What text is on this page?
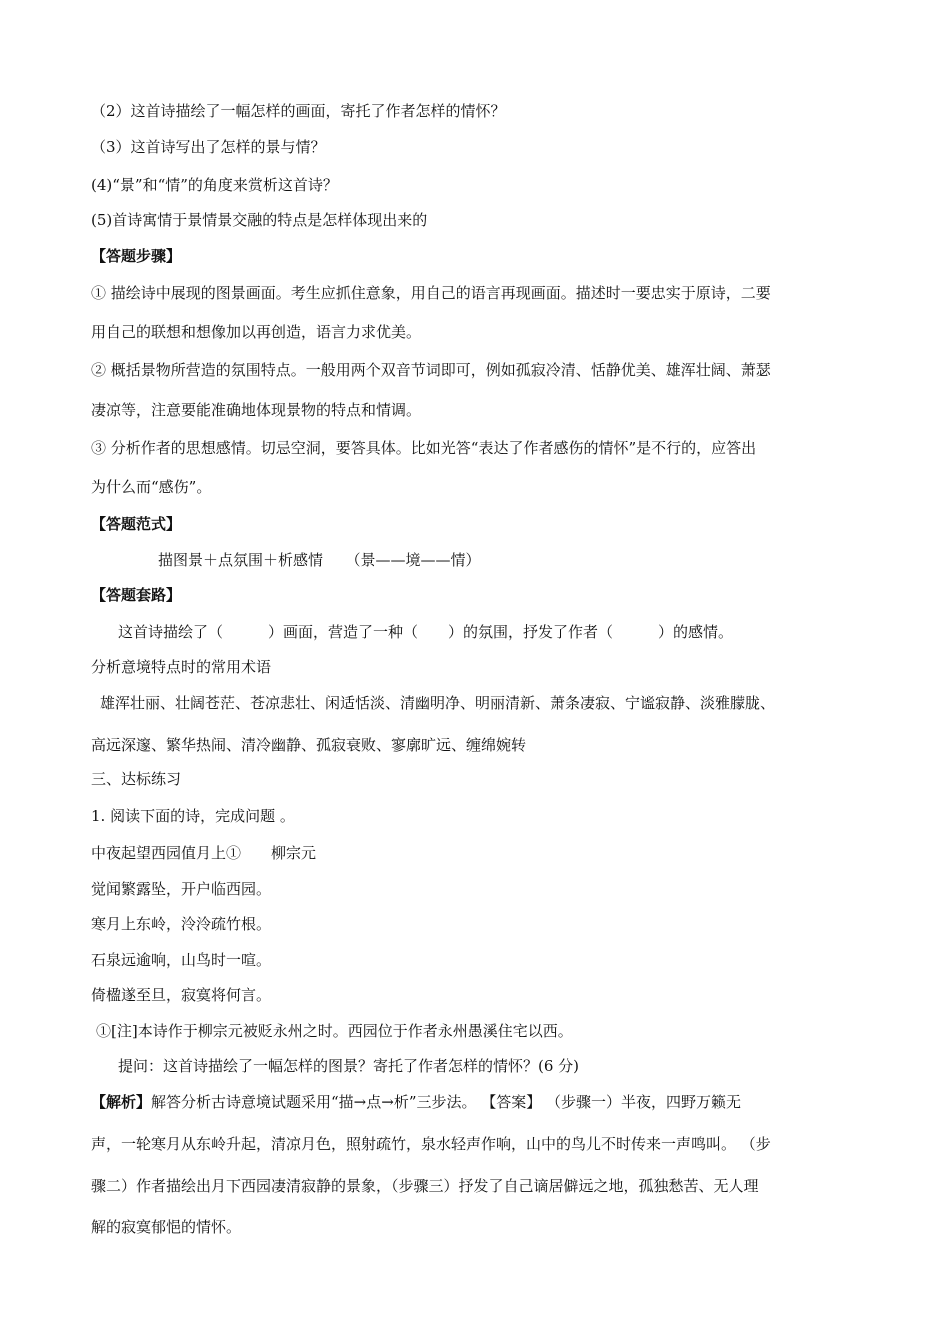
（2）这首诗描绘了一幅怎样的画面，寄托了作者怎样的情怀？
（3）这首诗写出了怎样的景与情？
(4)“景”和“情”的角度来赏析这首诗？
(5)首诗寓情于景情景交融的特点是怎样体现出来的
【答题步骤】
① 描绘诗中展现的图景画面。考生应抓住意象，用自己的语言再现画面。描述时一要忠实于原诗，二要
用自己的联想和想像加以再创造，语言力求优美。
② 概括景物所营造的氛围特点。一般用两个双音节词即可，例如孤寂冷清、恬静优美、雄浑壮阔、萧瑟
凄凉等，注意要能准确地体现景物的特点和情调。
③ 分析作者的思想感情。切忌空洞，要答具体。比如光答“表达了作者感伤的情怀”是不行的，应答出
为什么而“感伤”。
【答题范式】
描图景＋点氛围＋析感情　　（景——境——情）
【答题套路】
这首诗描绘了（　　　）画面，营造了一种（　　）的氛围，抒发了作者（　　　）的感情。
分析意境特点时的常用术语
雄浑壮丽、壮阔苍茫、苍凉悲壮、闲适恬淡、清幽明净、明丽清新、萧条凄寂、宁谧寂静、淡雅朦胧、
高远深邃、繁华热闹、清冷幽静、孤寂衰败、寥廓旷远、缠绵婉转
三、达标练习
1. 阅读下面的诗，完成问题 。
中夜起望西园值月上①　　柳宗元
觉闻繁露坠，开户临西园。
寒月上东岭，泠泠疏竹根。
石泉远逾响，山鸟时一喧。
倚楹遂至旦，寂寞将何言。
①[注]本诗作于柳宗元被贬永州之时。西园位于作者永州愚溪住宅以西。
提问：这首诗描绘了一幅怎样的图景？寄托了作者怎样的情怀？(6 分)
【解析】解答分析古诗意境试题采用“描→点→析”三步法。 【答案】 （步骤一）半夜，四野万籁无
声，一轮寒月从东岭升起，清凉月色，照射疏竹，泉水轻声作响，山中的鸟儿不时传来一声鸣叫。 （步
骤二）作者描绘出月下西园凄清寂静的景象，（步骤三）抒发了自己谪居僻远之地，孤独愁苦、无人理
解的寂寞郁悒的情怀。
